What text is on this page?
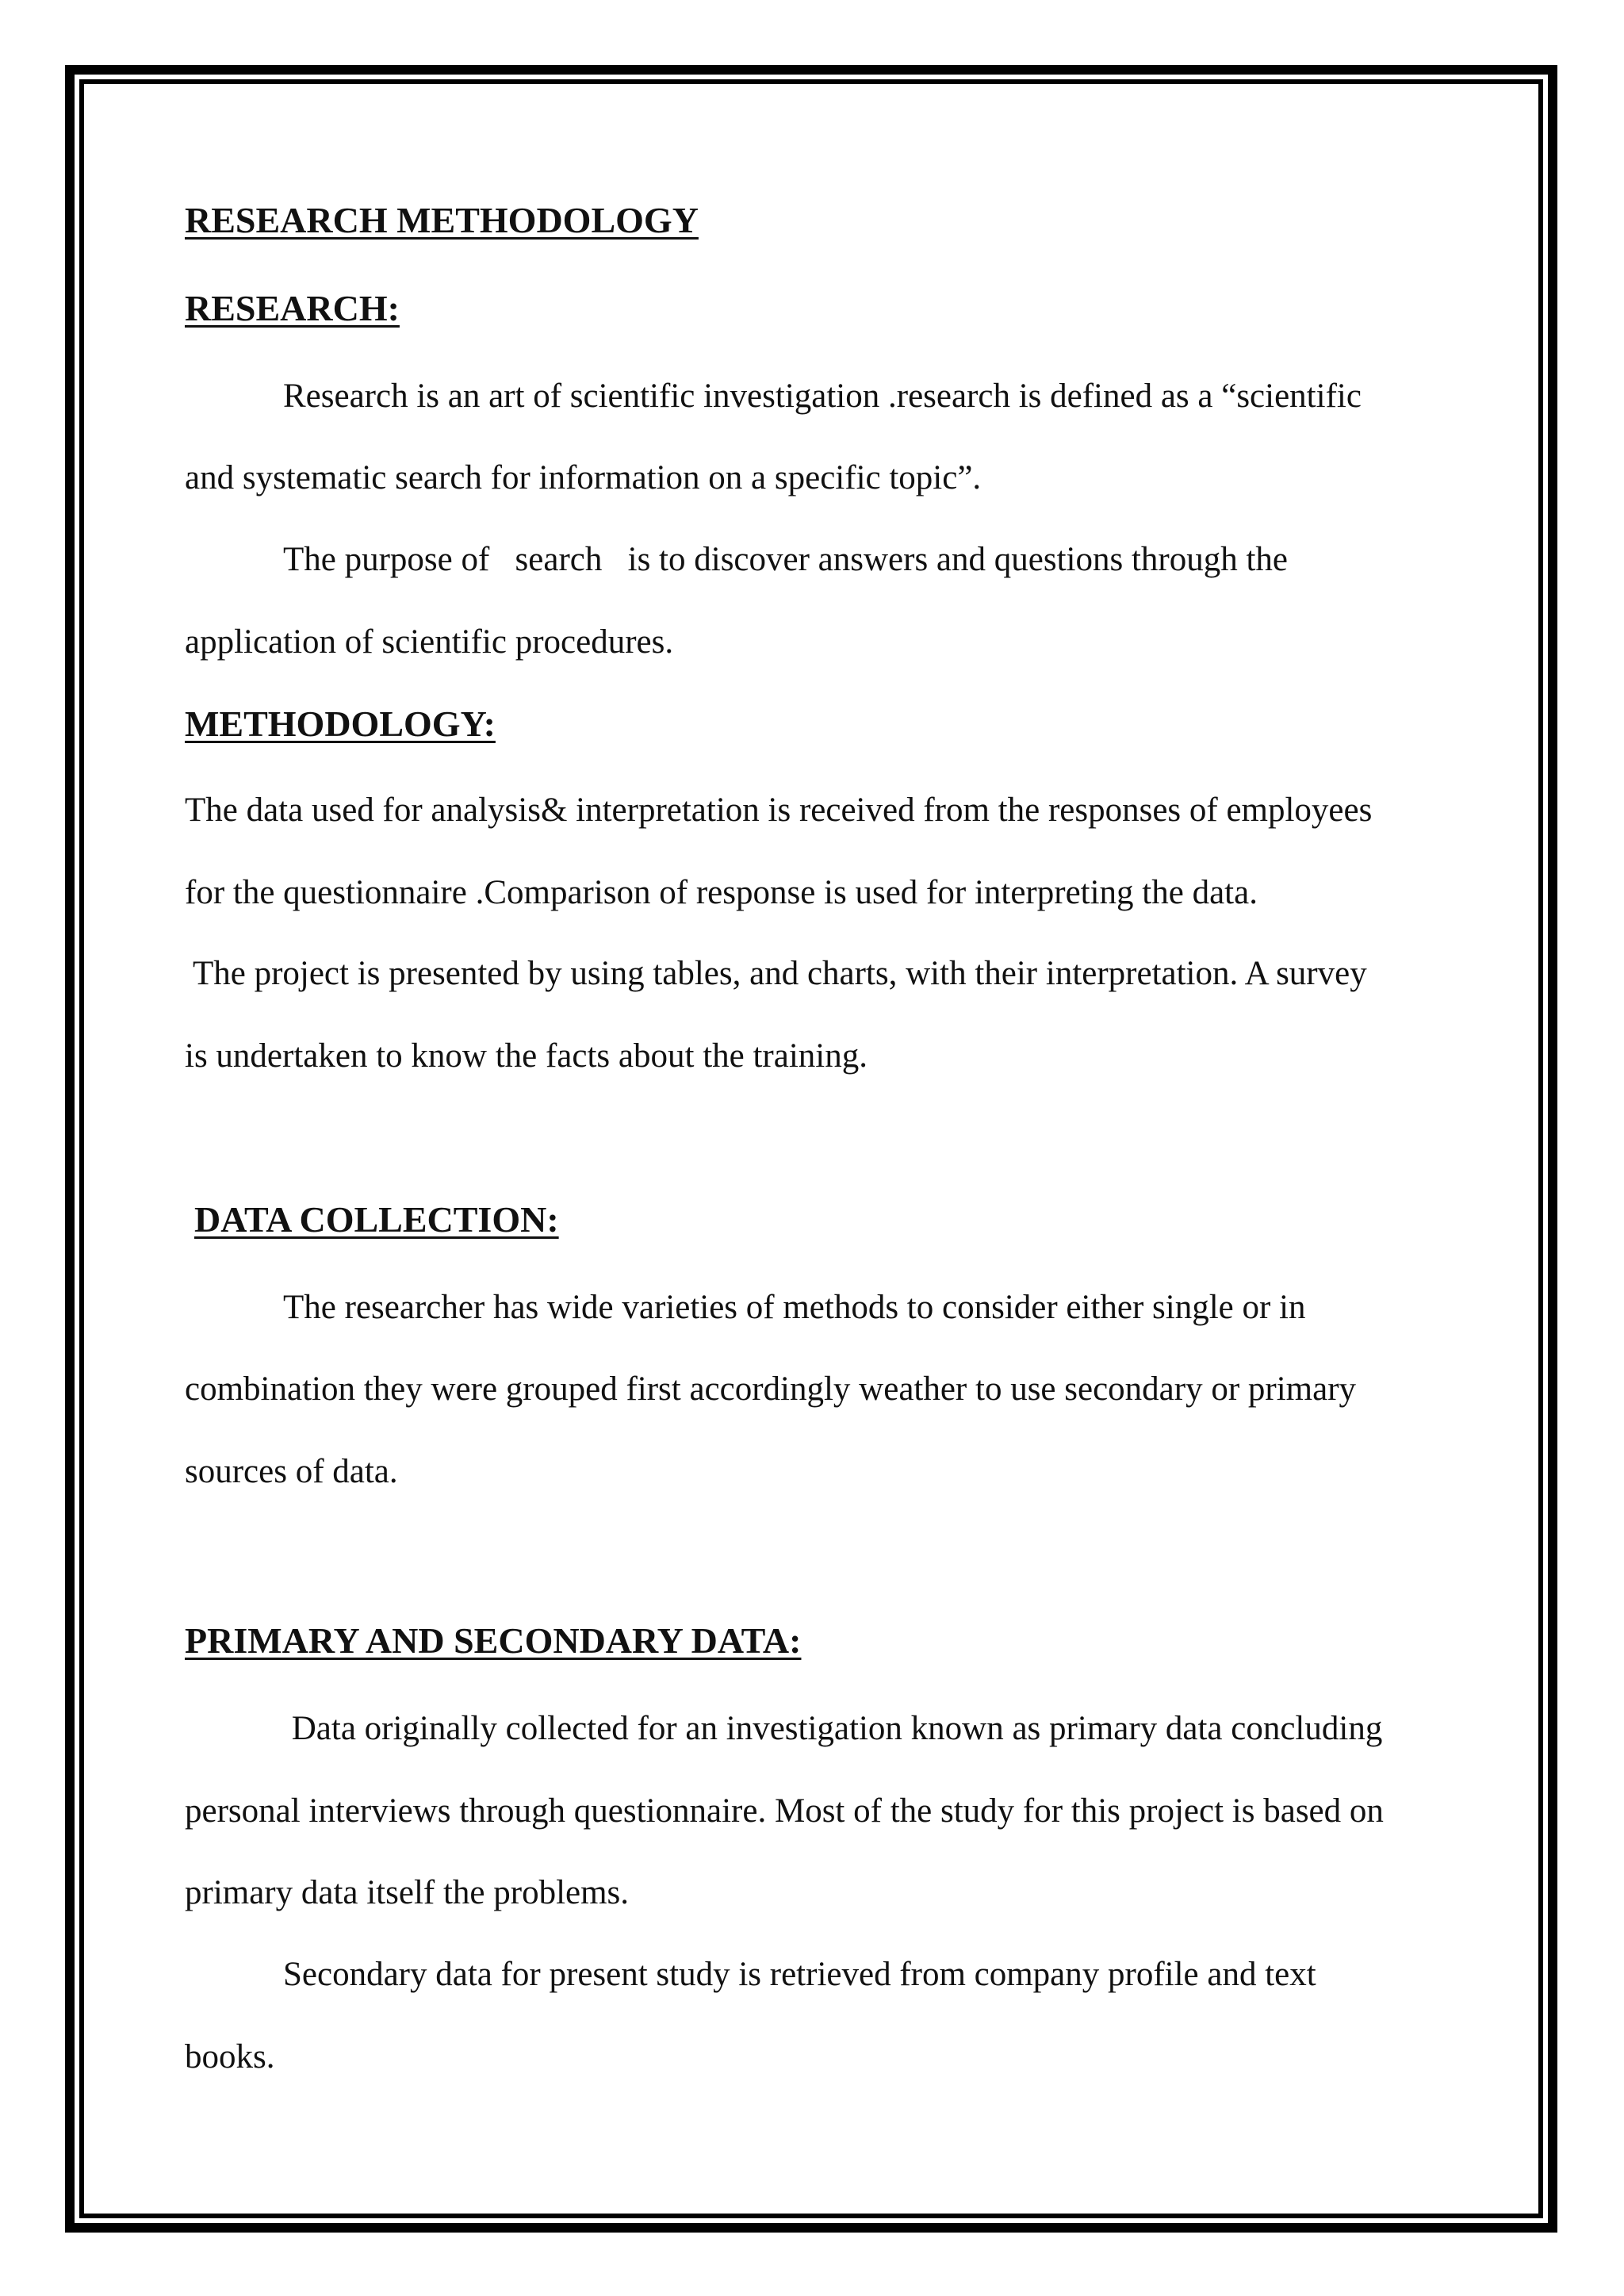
RESEARCH METHODOLOGY
RESEARCH:

Research is an art of scientific investigation .research is defined as a “scientific

and systematic search for information on a specific topic”.

The purpose of   search   is to discover answers and questions through the

application of scientific procedures.

METHODOLOGY:

The data used for analysis& interpretation is received from the responses of employees

for the questionnaire .Comparison of response is used for interpreting the data.

The project is presented by using tables, and charts, with their interpretation. A survey

is undertaken to know the facts about the training.

DATA COLLECTION:

The researcher has wide varieties of methods to consider either single or in

combination they were grouped first accordingly weather to use secondary or primary

sources of data.

PRIMARY AND SECONDARY DATA:

Data originally collected for an investigation known as primary data concluding

personal interviews through questionnaire. Most of the study for this project is based on

primary data itself the problems.

Secondary data for present study is retrieved from company profile and text

books.
